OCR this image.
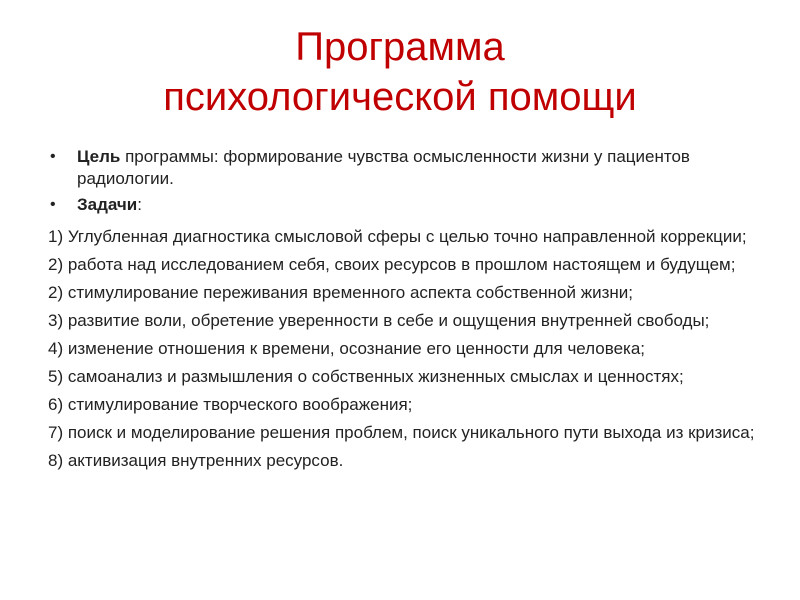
Программа
психологической помощи
• Цель программы: формирование чувства осмысленности жизни у пациентов радиологии.
• Задачи:
1) Углубленная диагностика смысловой сферы с целью точно направленной коррекции;
2) работа над исследованием себя, своих ресурсов в прошлом настоящем и будущем;
2) стимулирование переживания временного аспекта собственной жизни;
3) развитие воли, обретение уверенности в себе и ощущения внутренней свободы;
4) изменение отношения к времени, осознание его ценности для человека;
5) самоанализ и размышления о собственных жизненных смыслах и ценностях;
6) стимулирование творческого воображения;
7) поиск и моделирование решения проблем, поиск уникального пути выхода из кризиса;
8) активизация внутренних ресурсов.
